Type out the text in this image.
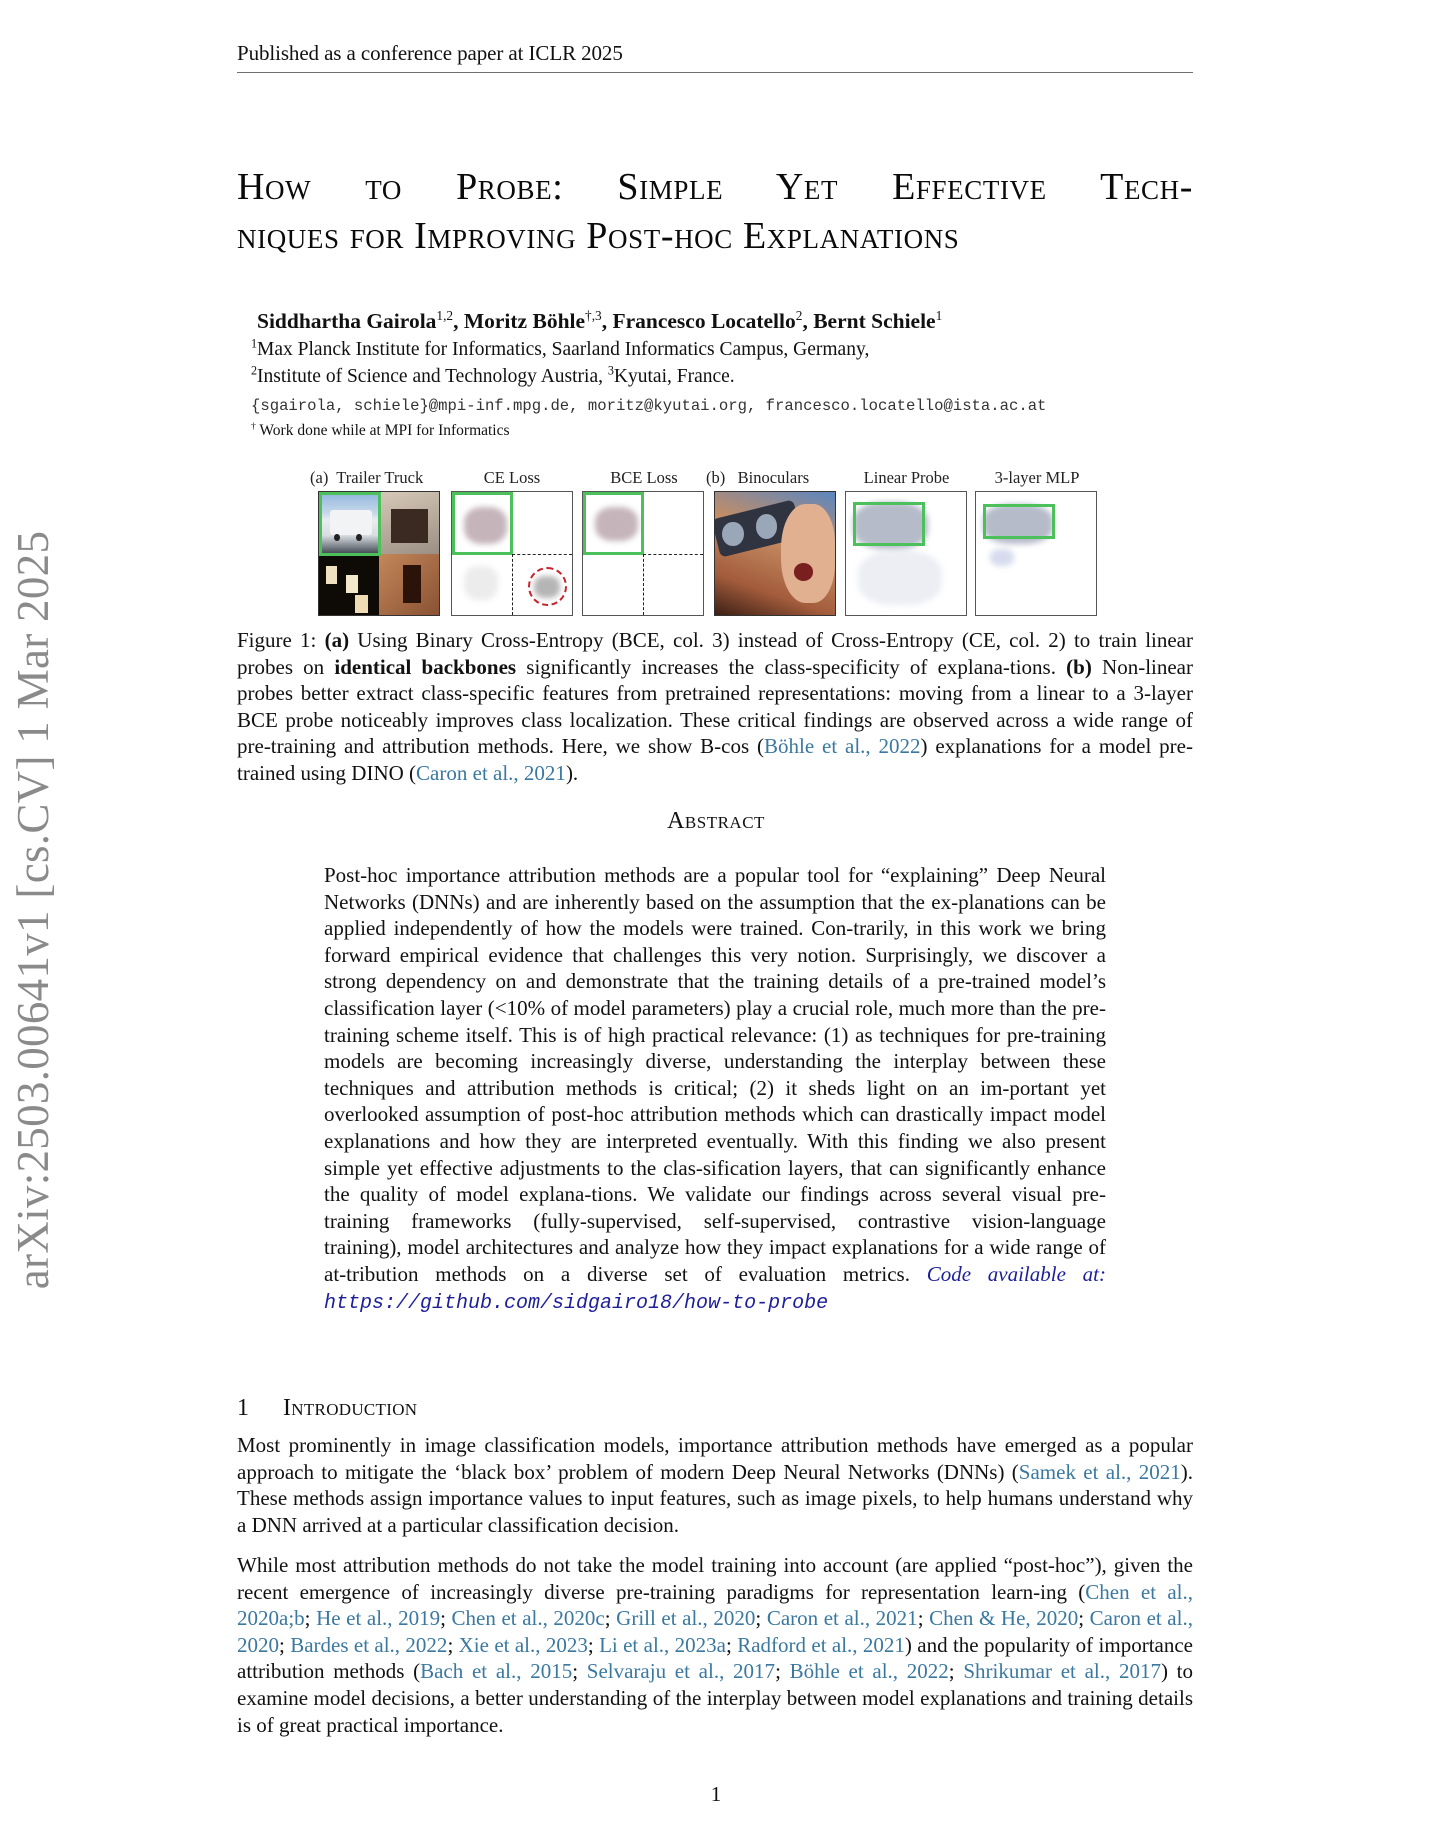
Published as a conference paper at ICLR 2025
arXiv:2503.00641v1 [cs.CV] 1 Mar 2025
How to Probe: Simple Yet Effective Tech-
niques for Improving Post-hoc Explanations
Siddhartha Gairola$^{1,2}$, Moritz Böhle$^{\dagger,3}$, Francesco Locatello$^2$, Bernt Schiele$^1$
$^1$Max Planck Institute for Informatics, Saarland Informatics Campus, Germany,
$^2$Institute of Science and Technology Austria, $^3$Kyutai, France.
{sgairola, schiele}@mpi-inf.mpg.de, moritz@kyutai.org, francesco.locatello@ista.ac.at
† Work done while at MPI for Informatics
(a) Trailer Truck	CE Loss	BCE Loss	(b) Binoculars	Linear Probe	3-layer MLP
Figure 1: (a) Using Binary Cross-Entropy (BCE, col. 3) instead of Cross-Entropy (CE, col. 2) to train linear probes on identical backbones significantly increases the class-specificity of explana-tions. (b) Non-linear probes better extract class-specific features from pretrained representations: moving from a linear to a 3-layer BCE probe noticeably improves class localization. These critical findings are observed across a wide range of pre-training and attribution methods. Here, we show B-cos (Böhle et al., 2022) explanations for a model pre-trained using DINO (Caron et al., 2021).
Abstract
Post-hoc importance attribution methods are a popular tool for “explaining” Deep Neural Networks (DNNs) and are inherently based on the assumption that the ex-planations can be applied independently of how the models were trained. Con-trarily, in this work we bring forward empirical evidence that challenges this very notion. Surprisingly, we discover a strong dependency on and demonstrate that the training details of a pre-trained model’s classification layer (<10% of model parameters) play a crucial role, much more than the pre-training scheme itself. This is of high practical relevance: (1) as techniques for pre-training models are becoming increasingly diverse, understanding the interplay between these techniques and attribution methods is critical; (2) it sheds light on an im-portant yet overlooked assumption of post-hoc attribution methods which can drastically impact model explanations and how they are interpreted eventually. With this finding we also present simple yet effective adjustments to the clas-sification layers, that can significantly enhance the quality of model explana-tions. We validate our findings across several visual pre-training frameworks (fully-supervised, self-supervised, contrastive vision-language training), model architectures and analyze how they impact explanations for a wide range of at-tribution methods on a diverse set of evaluation metrics. Code available at: https://github.com/sidgairo18/how-to-probe
1 Introduction
Most prominently in image classification models, importance attribution methods have emerged as a popular approach to mitigate the ‘black box’ problem of modern Deep Neural Networks (DNNs) (Samek et al., 2021). These methods assign importance values to input features, such as image pixels, to help humans understand why a DNN arrived at a particular classification decision.
While most attribution methods do not take the model training into account (are applied “post-hoc”), given the recent emergence of increasingly diverse pre-training paradigms for representation learn-ing (Chen et al., 2020a;b; He et al., 2019; Chen et al., 2020c; Grill et al., 2020; Caron et al., 2021; Chen & He, 2020; Caron et al., 2020; Bardes et al., 2022; Xie et al., 2023; Li et al., 2023a; Radford et al., 2021) and the popularity of importance attribution methods (Bach et al., 2015; Selvaraju et al., 2017; Böhle et al., 2022; Shrikumar et al., 2017) to examine model decisions, a better understanding of the interplay between model explanations and training details is of great practical importance.
1
